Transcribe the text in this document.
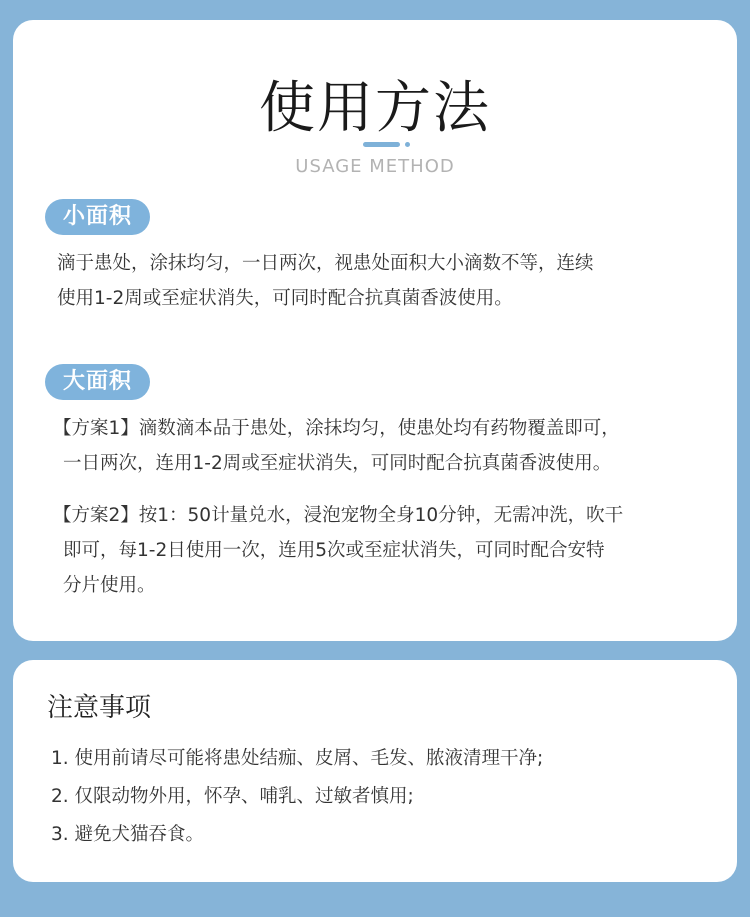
使用方法
USAGE METHOD
小面积
滴于患处，涂抹均匀，一日两次，视患处面积大小滴数不等，连续
使用1-2周或至症状消失，可同时配合抗真菌香波使用。
大面积
【方案1】滴数滴本品于患处，涂抹均匀，使患处均有药物覆盖即可，
一日两次，连用1-2周或至症状消失，可同时配合抗真菌香波使用。
【方案2】按1：50计量兑水，浸泡宠物全身10分钟，无需冲洗，吹干
即可，每1-2日使用一次，连用5次或至症状消失，可同时配合安特
分片使用。
注意事项
1. 使用前请尽可能将患处结痂、皮屑、毛发、脓液清理干净;
2. 仅限动物外用，怀孕、哺乳、过敏者慎用;
3. 避免犬猫吞食。
